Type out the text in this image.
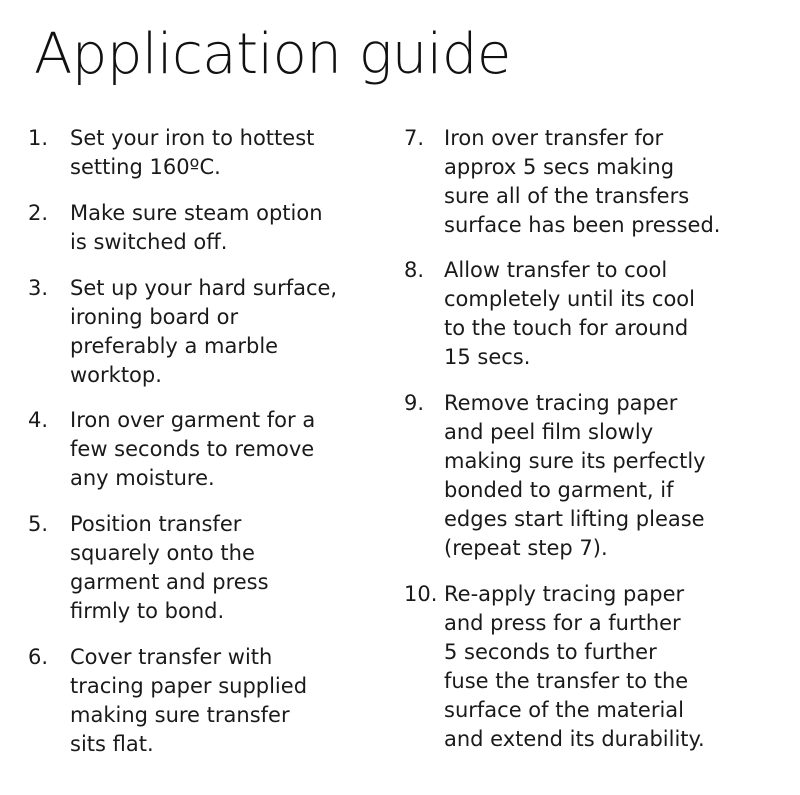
Application guide
1.	Set your iron to hottest
setting 160ºC.
2.	Make sure steam option
is switched off.
3.	Set up your hard surface,
ironing board or
preferably a marble
worktop.
4.	Iron over garment for a
few seconds to remove
any moisture.
5.	Position transfer
squarely onto the
garment and press
firmly to bond.
6.	Cover transfer with
tracing paper supplied
making sure transfer
sits flat.
7. Iron over transfer for
approx 5 secs making
sure all of the transfers
surface has been pressed.
8. Allow transfer to cool
completely until its cool
to the touch for around
15 secs.
9. Remove tracing paper
and peel film slowly
making sure its perfectly
bonded to garment, if
edges start lifting please
(repeat step 7).
10. Re-apply tracing paper
and press for a further
5 seconds to further
fuse the transfer to the
surface of the material
and extend its durability.
